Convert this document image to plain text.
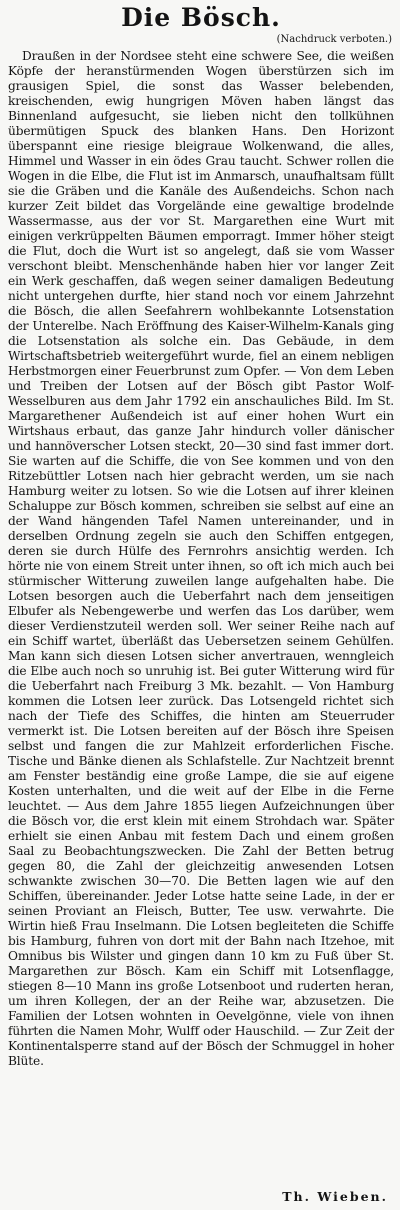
Die Bösch.
(Nachdruck verboten.)

Draußen in der Nordsee steht eine schwere See, die weißen Köpfe der heranstürmenden Wogen überstürzen sich im grausigen Spiel, die sonst das Wasser belebenden, kreischenden, ewig hungrigen Möven haben längst das Binnenland aufgesucht, sie lieben nicht den tollkühnen übermütigen Spuck des blanken Hans. Den Horizont überspannt eine riesige bleigraue Wolkenwand, die alles, Himmel und Wasser in ein ödes Grau taucht. Schwer rollen die Wogen in die Elbe, die Flut ist im Anmarsch, unaufhaltsam füllt sie die Gräben und die Kanäle des Außendeichs. Schon nach kurzer Zeit bildet das Vorgelände eine gewaltige brodelnde Wassermasse, aus der vor St. Margarethen eine Wurt mit einigen verkrüppelten Bäumen emporragt. Immer höher steigt die Flut, doch die Wurt ist so angelegt, daß sie vom Wasser verschont bleibt. Menschenhände haben hier vor langer Zeit ein Werk geschaffen, daß wegen seiner damaligen Bedeutung nicht untergehen durfte, hier stand noch vor einem Jahrzehnt die Bösch, die allen Seefahrern wohlbekannte Lotsenstation der Unterelbe. Nach Eröffnung des Kaiser-Wilhelm-Kanals ging die Lotsenstation als solche ein. Das Gebäude, in dem Wirtschaftsbetrieb weitergeführt wurde, fiel an einem nebligen Herbstmorgen einer Feuerbrunst zum Opfer. — Von dem Leben und Treiben der Lotsen auf der Bösch gibt Pastor Wolf-Wesselburen aus dem Jahr 1792 ein anschauliches Bild. Im St. Margarethener Außendeich ist auf einer hohen Wurt ein Wirtshaus erbaut, das ganze Jahr hindurch voller dänischer und hannöverscher Lotsen steckt, 20—30 sind fast immer dort. Sie warten auf die Schiffe, die von See kommen und von den Ritzebüttler Lotsen nach hier gebracht werden, um sie nach Hamburg weiter zu lotsen. So wie die Lotsen auf ihrer kleinen Schaluppe zur Bösch kommen, schreiben sie selbst auf eine an der Wand hängenden Tafel Namen untereinander, und in derselben Ordnung zegeln sie auch den Schiffen entgegen, deren sie durch Hülfe des Fernrohrs ansichtig werden. Ich hörte nie von einem Streit unter ihnen, so oft ich mich auch bei stürmischer Witterung zuweilen lange aufgehalten habe. Die Lotsen besorgen auch die Ueberfahrt nach dem jenseitigen Elbufer als Nebengewerbe und werfen das Los darüber, wem dieser Verdienstzuteil werden soll. Wer seiner Reihe nach auf ein Schiff wartet, überläßt das Uebersetzen seinem Gehülfen. Man kann sich diesen Lotsen sicher anvertrauen, wenngleich die Elbe auch noch so unruhig ist. Bei guter Witterung wird für die Ueberfahrt nach Freiburg 3 Mk. bezahlt. — Von Hamburg kommen die Lotsen leer zurück. Das Lotsengeld richtet sich nach der Tiefe des Schiffes, die hinten am Steuerruder vermerkt ist. Die Lotsen bereiten auf der Bösch ihre Speisen selbst und fangen die zur Mahlzeit erforderlichen Fische. Tische und Bänke dienen als Schlafstelle. Zur Nachtzeit brennt am Fenster beständig eine große Lampe, die sie auf eigene Kosten unterhalten, und die weit auf der Elbe in die Ferne leuchtet. — Aus dem Jahre 1855 liegen Aufzeichnungen über die Bösch vor, die erst klein mit einem Strohdach war. Später erhielt sie einen Anbau mit festem Dach und einem großen Saal zu Beobachtungszwecken. Die Zahl der Betten betrug gegen 80, die Zahl der gleichzeitig anwesenden Lotsen schwankte zwischen 30—70. Die Betten lagen wie auf den Schiffen, übereinander. Jeder Lotse hatte seine Lade, in der er seinen Proviant an Fleisch, Butter, Tee usw. verwahrte. Die Wirtin hieß Frau Inselmann. Die Lotsen begleiteten die Schiffe bis Hamburg, fuhren von dort mit der Bahn nach Itzehoe, mit Omnibus bis Wilster und gingen dann 10 km zu Fuß über St. Margarethen zur Bösch. Kam ein Schiff mit Lotsenflagge, stiegen 8—10 Mann ins große Lotsenboot und ruderten heran, um ihren Kollegen, der an der Reihe war, abzusetzen. Die Familien der Lotsen wohnten in Oevelgönne, viele von ihnen führten die Namen Mohr, Wulff oder Hauschild. — Zur Zeit der Kontinentalsperre stand auf der Bösch der Schmuggel in hoher Blüte.

Th. Wieben.
